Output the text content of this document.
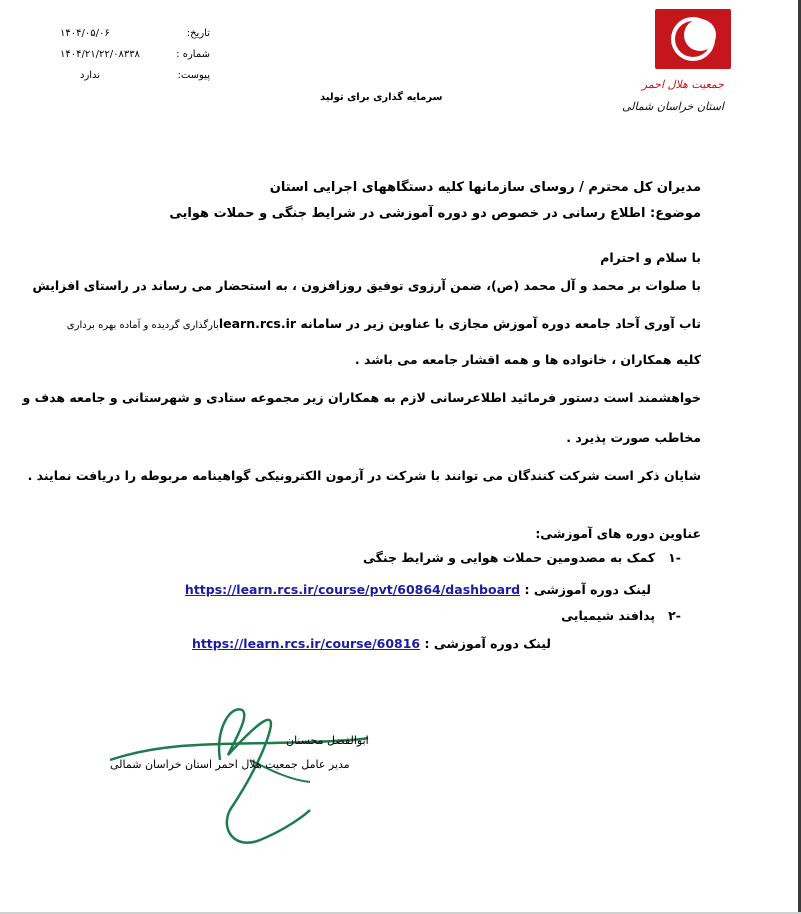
جمعیت هلال احمر
استان خراسان شمالی
تاریخ:
۱۴۰۴/۰۵/۰۶
شماره :
۱۴۰۴/۲۱/۲۲/۰۸۳۳۸
پیوست:
ندارد
سرمایه گذاری برای تولید
مدیران کل محترم / روسای سازمانها کلیه دستگاههای اجرایی استان
موضوع: اطلاع رسانی در خصوص دو دوره آموزشی در شرایط جنگی و حملات هوایی
با سلام و احترام
با صلوات بر محمد و آل محمد (ص)، ضمن آرزوی توفیق روزافزون ، به استحضار می رساند در راستای افزایش
تاب آوری آحاد جامعه دوره آموزش مجازی با عناوین زیر در سامانه learn.rcs.irبارگذاری گردیده و آماده بهره برداری
کلیه همکاران ، خانواده ها و همه اقشار جامعه می باشد .
خواهشمند است دستور فرمائید اطلاعرسانی لازم به همکاران زیر مجموعه ستادی و شهرستانی و جامعه هدف و
مخاطب صورت پذیرد .
شایان ذکر است شرکت کنندگان می توانند با شرکت در آزمون الکترونیکی گواهینامه مربوطه را دریافت نمایند .
عناوین دوره های آموزشی:
-۱   کمک به مصدومین حملات هوایی و شرایط جنگی
لینک دوره آموزشی : https://learn.rcs.ir/course/pvt/60864/dashboard
-۲   پدافند شیمیایی
لینک دوره آموزشی : https://learn.rcs.ir/course/60816
ابوالفضل محسنان
مدیر عامل جمعیت هلال احمر استان خراسان شمالی
